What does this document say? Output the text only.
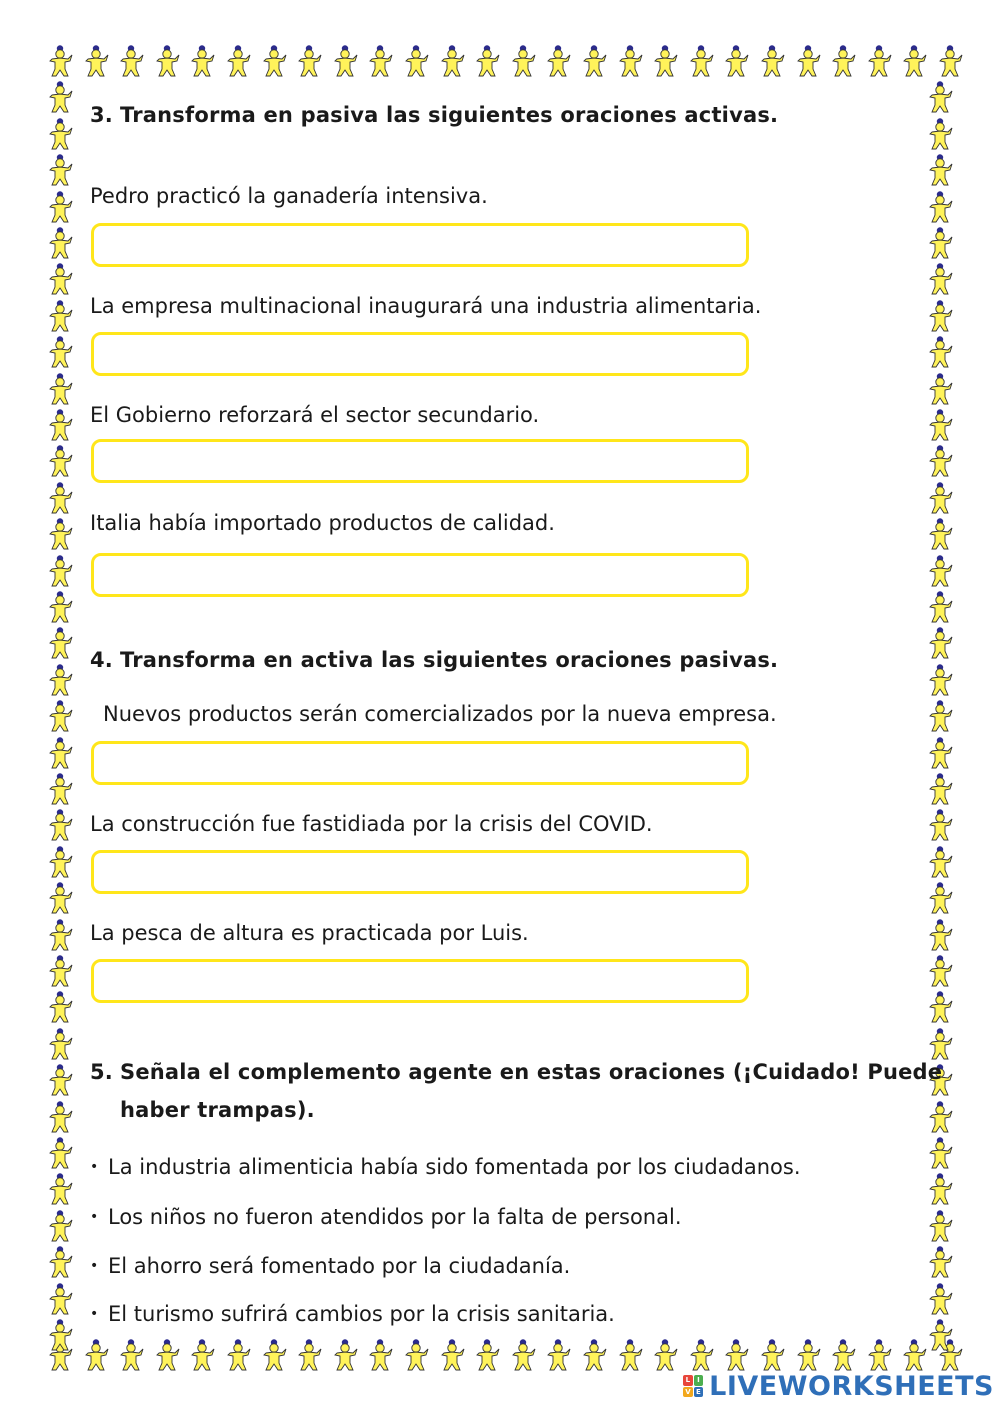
3. Transforma en pasiva las siguientes oraciones activas.

Pedro practicó la ganadería intensiva.

La empresa multinacional inaugurará una industria alimentaria.

El Gobierno reforzará el sector secundario.

Italia había importado productos de calidad.

4. Transforma en activa las siguientes oraciones pasivas.

Nuevos productos serán comercializados por la nueva empresa.

La construcción fue fastidiada por la crisis del COVID.

La pesca de altura es practicada por Luis.

5. Señala el complemento agente en estas oraciones (¡Cuidado! Puede
haber trampas).

• La industria alimenticia había sido fomentada por los ciudadanos.

• Los niños no fueron atendidos por la falta de personal.

• El ahorro será fomentado por la ciudadanía.

• El turismo sufrirá cambios por la crisis sanitaria.

L I
V E LIVEWORKSHEETS
